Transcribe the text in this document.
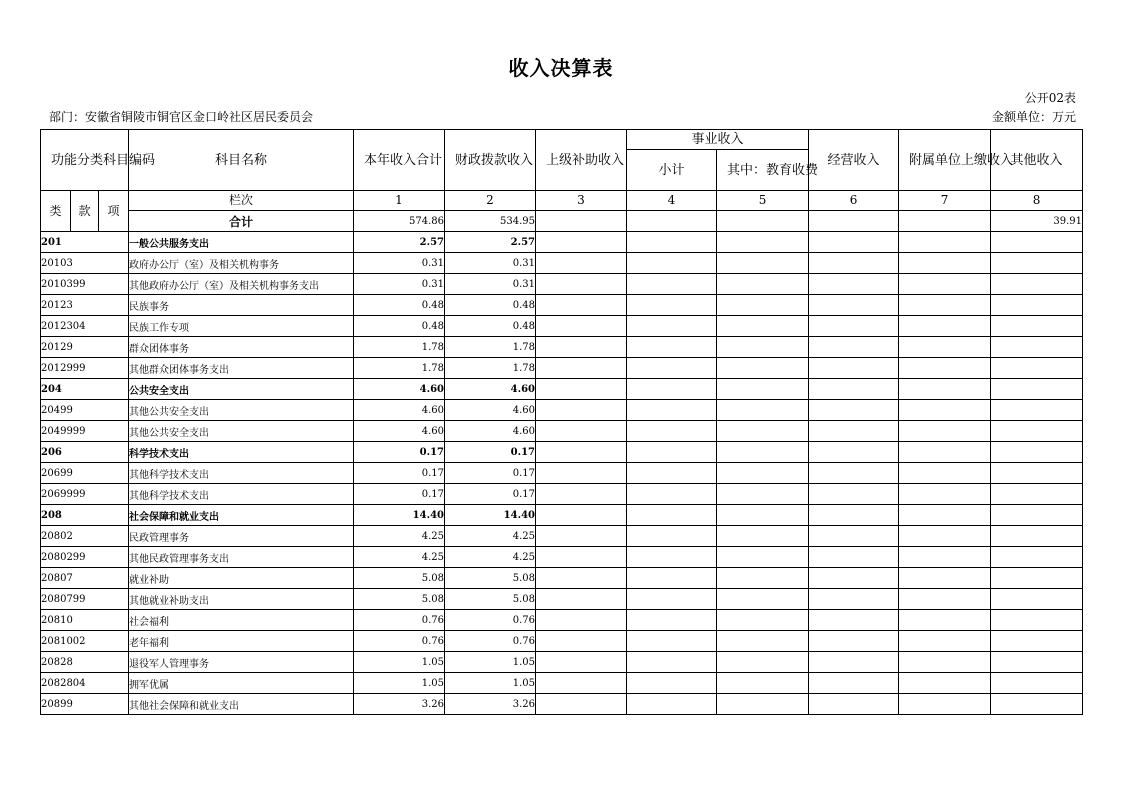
收入决算表
公开02表
部门：安徽省铜陵市铜官区金口岭社区居民委员会	金额单位：万元
功能分类科目编码			科目名称	本年收入合计	财政拨款收入	上级补助收入	事业收入		经营收入	附属单位上缴收入	其他收入
							小计	其中：教育收费			

类	款	项	栏次	1	2	3	4	5	6	7	8
			合计	574.86	534.95						39.91
201			一般公共服务支出	2.57	2.57						
20103			政府办公厅（室）及相关机构事务	0.31	0.31						
2010399			其他政府办公厅（室）及相关机构事务支出	0.31	0.31						
20123			民族事务	0.48	0.48						
2012304			民族工作专项	0.48	0.48						
20129			群众团体事务	1.78	1.78						
2012999			其他群众团体事务支出	1.78	1.78						
204			公共安全支出	4.60	4.60						
20499			其他公共安全支出	4.60	4.60						
2049999			其他公共安全支出	4.60	4.60						
206			科学技术支出	0.17	0.17						
20699			其他科学技术支出	0.17	0.17						
2069999			其他科学技术支出	0.17	0.17						
208			社会保障和就业支出	14.40	14.40						
20802			民政管理事务	4.25	4.25						
2080299			其他民政管理事务支出	4.25	4.25						
20807			就业补助	5.08	5.08						
2080799			其他就业补助支出	5.08	5.08						
20810			社会福利	0.76	0.76						
2081002			老年福利	0.76	0.76						
20828			退役军人管理事务	1.05	1.05						
2082804			拥军优属	1.05	1.05						
20899			其他社会保障和就业支出	3.26	3.26						
